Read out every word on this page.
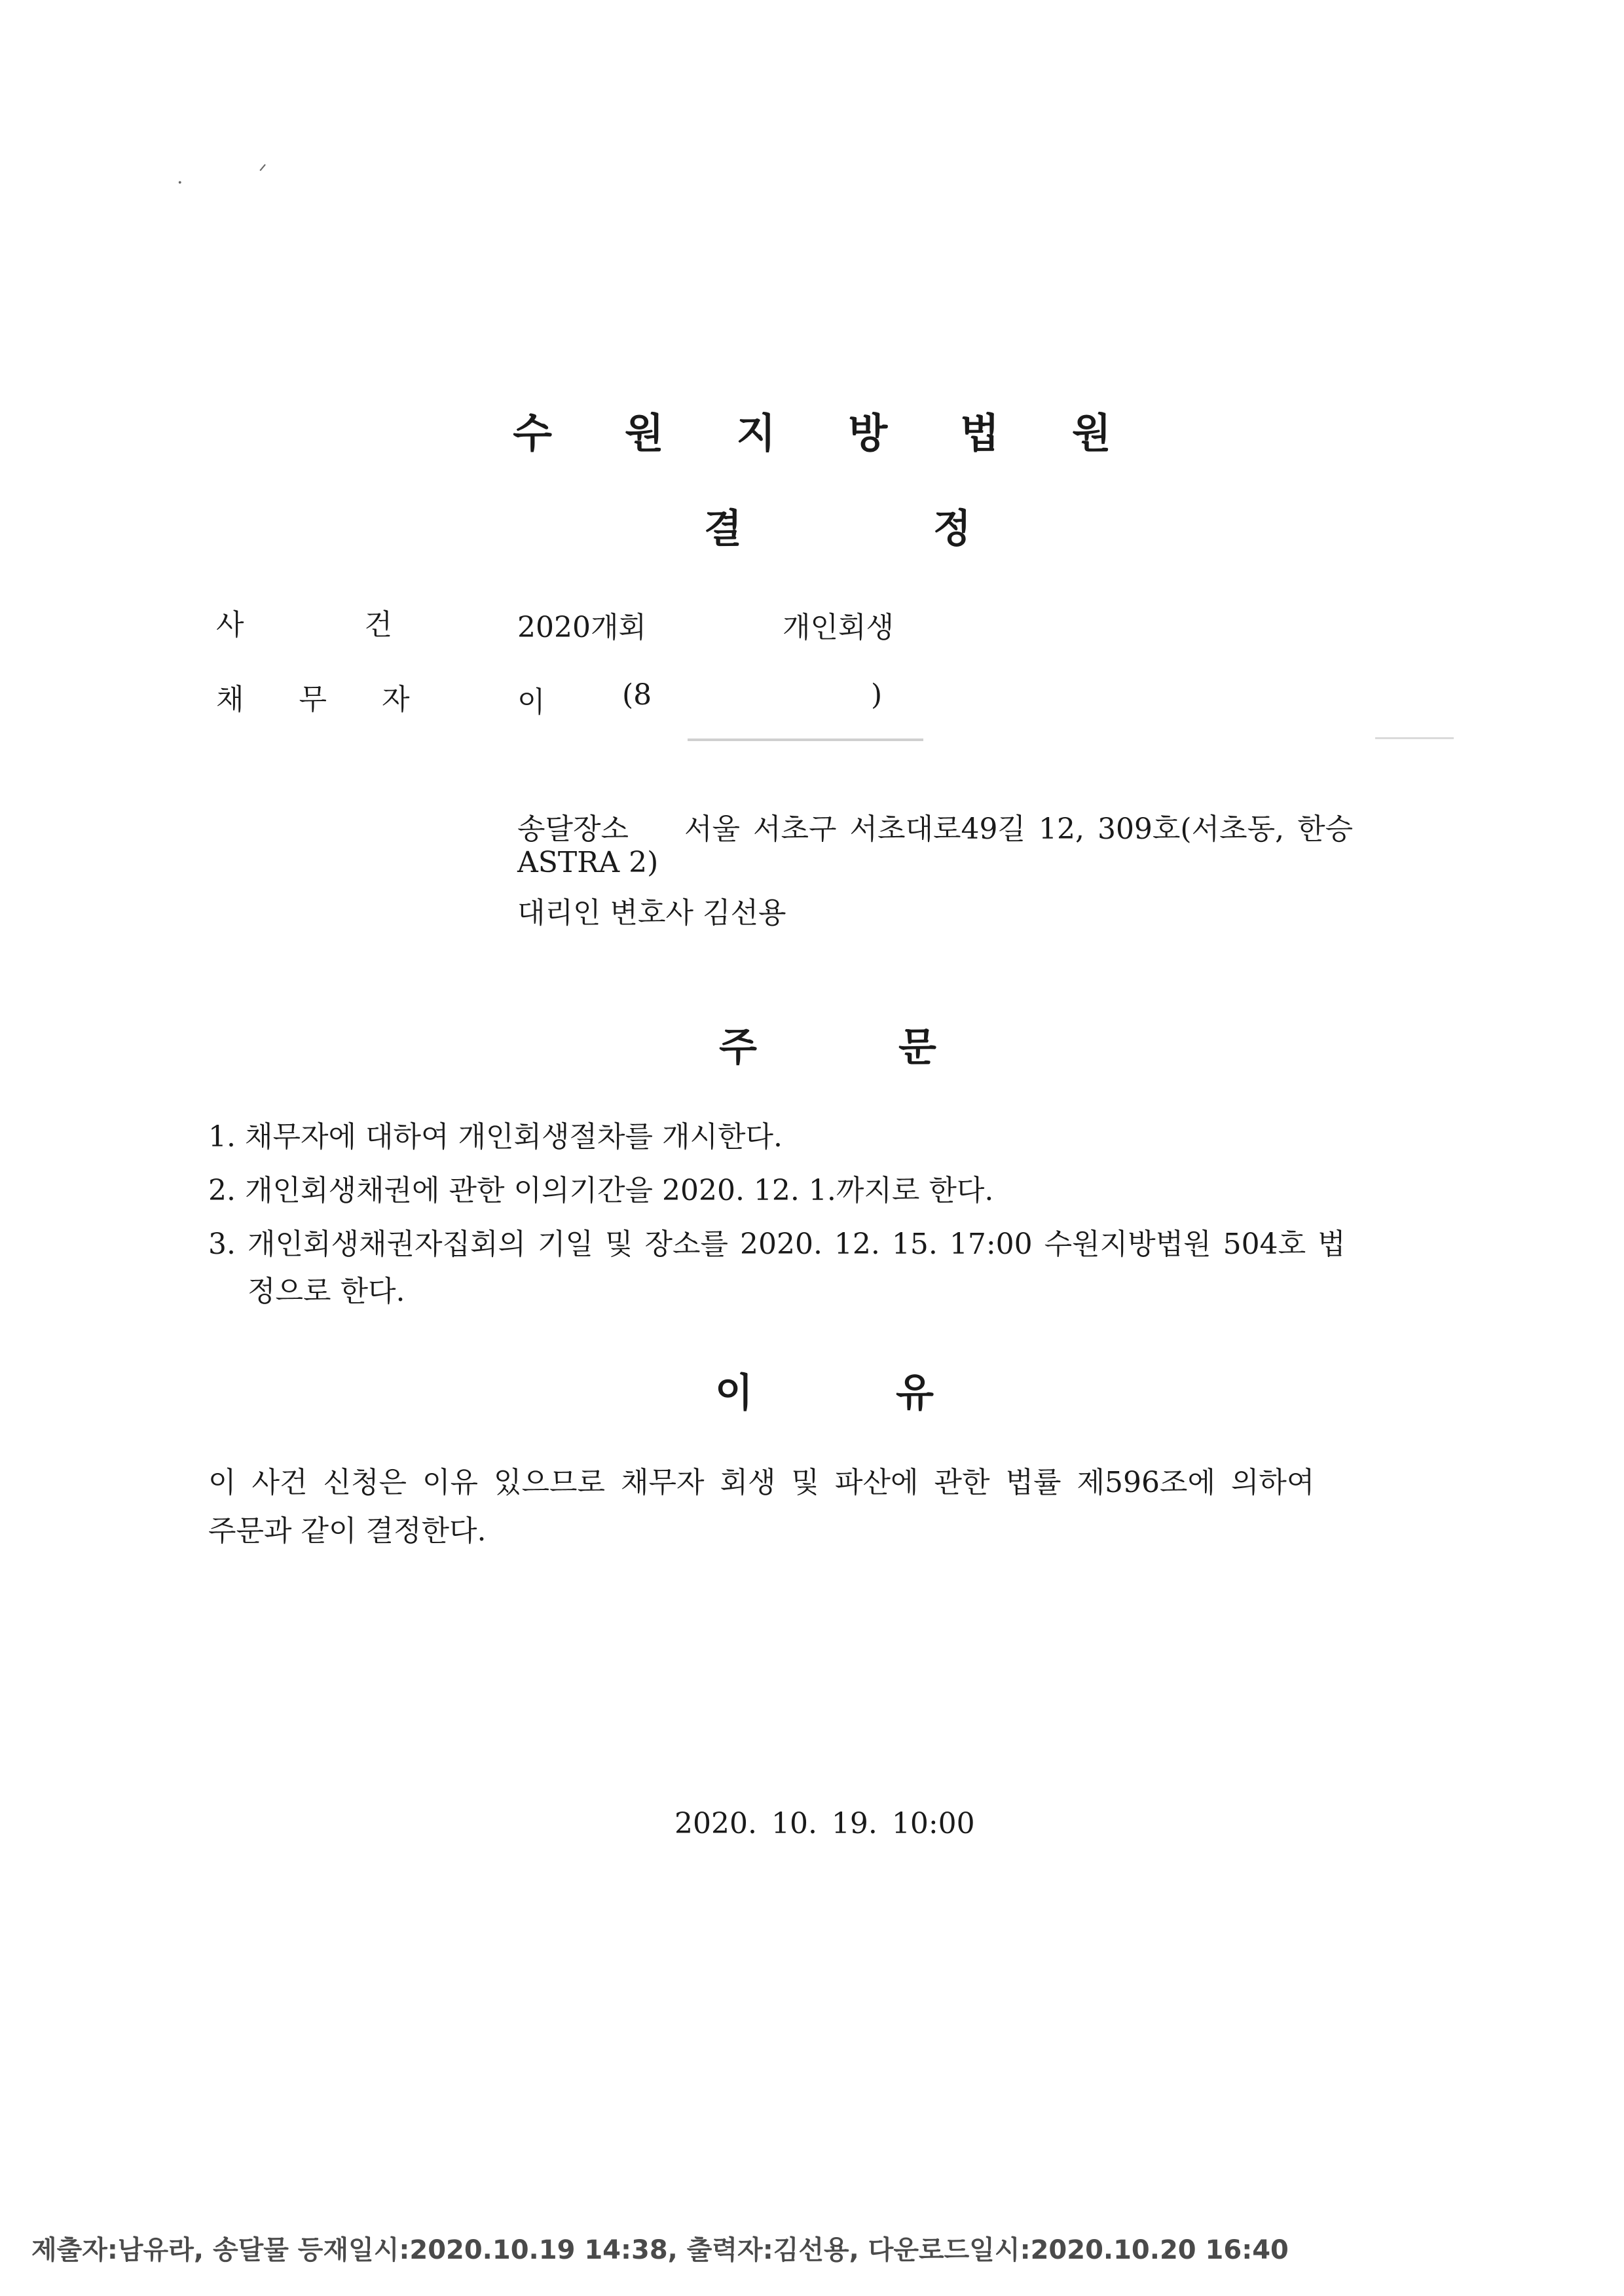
·	ᐟ
수 원 지 방 법 원
결	정
사 건	2020개회	개인회생
채 무 자	이	(8	)
송달장소 서울 서초구 서초대로49길 12, 309호(서초동, 한승
ASTRA 2)
대리인 변호사 김선용
주	문
1. 채무자에 대하여 개인회생절차를 개시한다.
2. 개인회생채권에 관한 이의기간을 2020. 12. 1.까지로 한다.
3. 개인회생채권자집회의 기일 및 장소를 2020. 12. 15. 17:00 수원지방법원 504호 법
정으로 한다.
이	유
이 사건 신청은 이유 있으므로 채무자 회생 및 파산에 관한 법률 제596조에 의하여
주문과 같이 결정한다.
2020. 10. 19. 10:00
제출자:남유라, 송달물 등재일시:2020.10.19 14:38, 출력자:김선용, 다운로드일시:2020.10.20 16:40
